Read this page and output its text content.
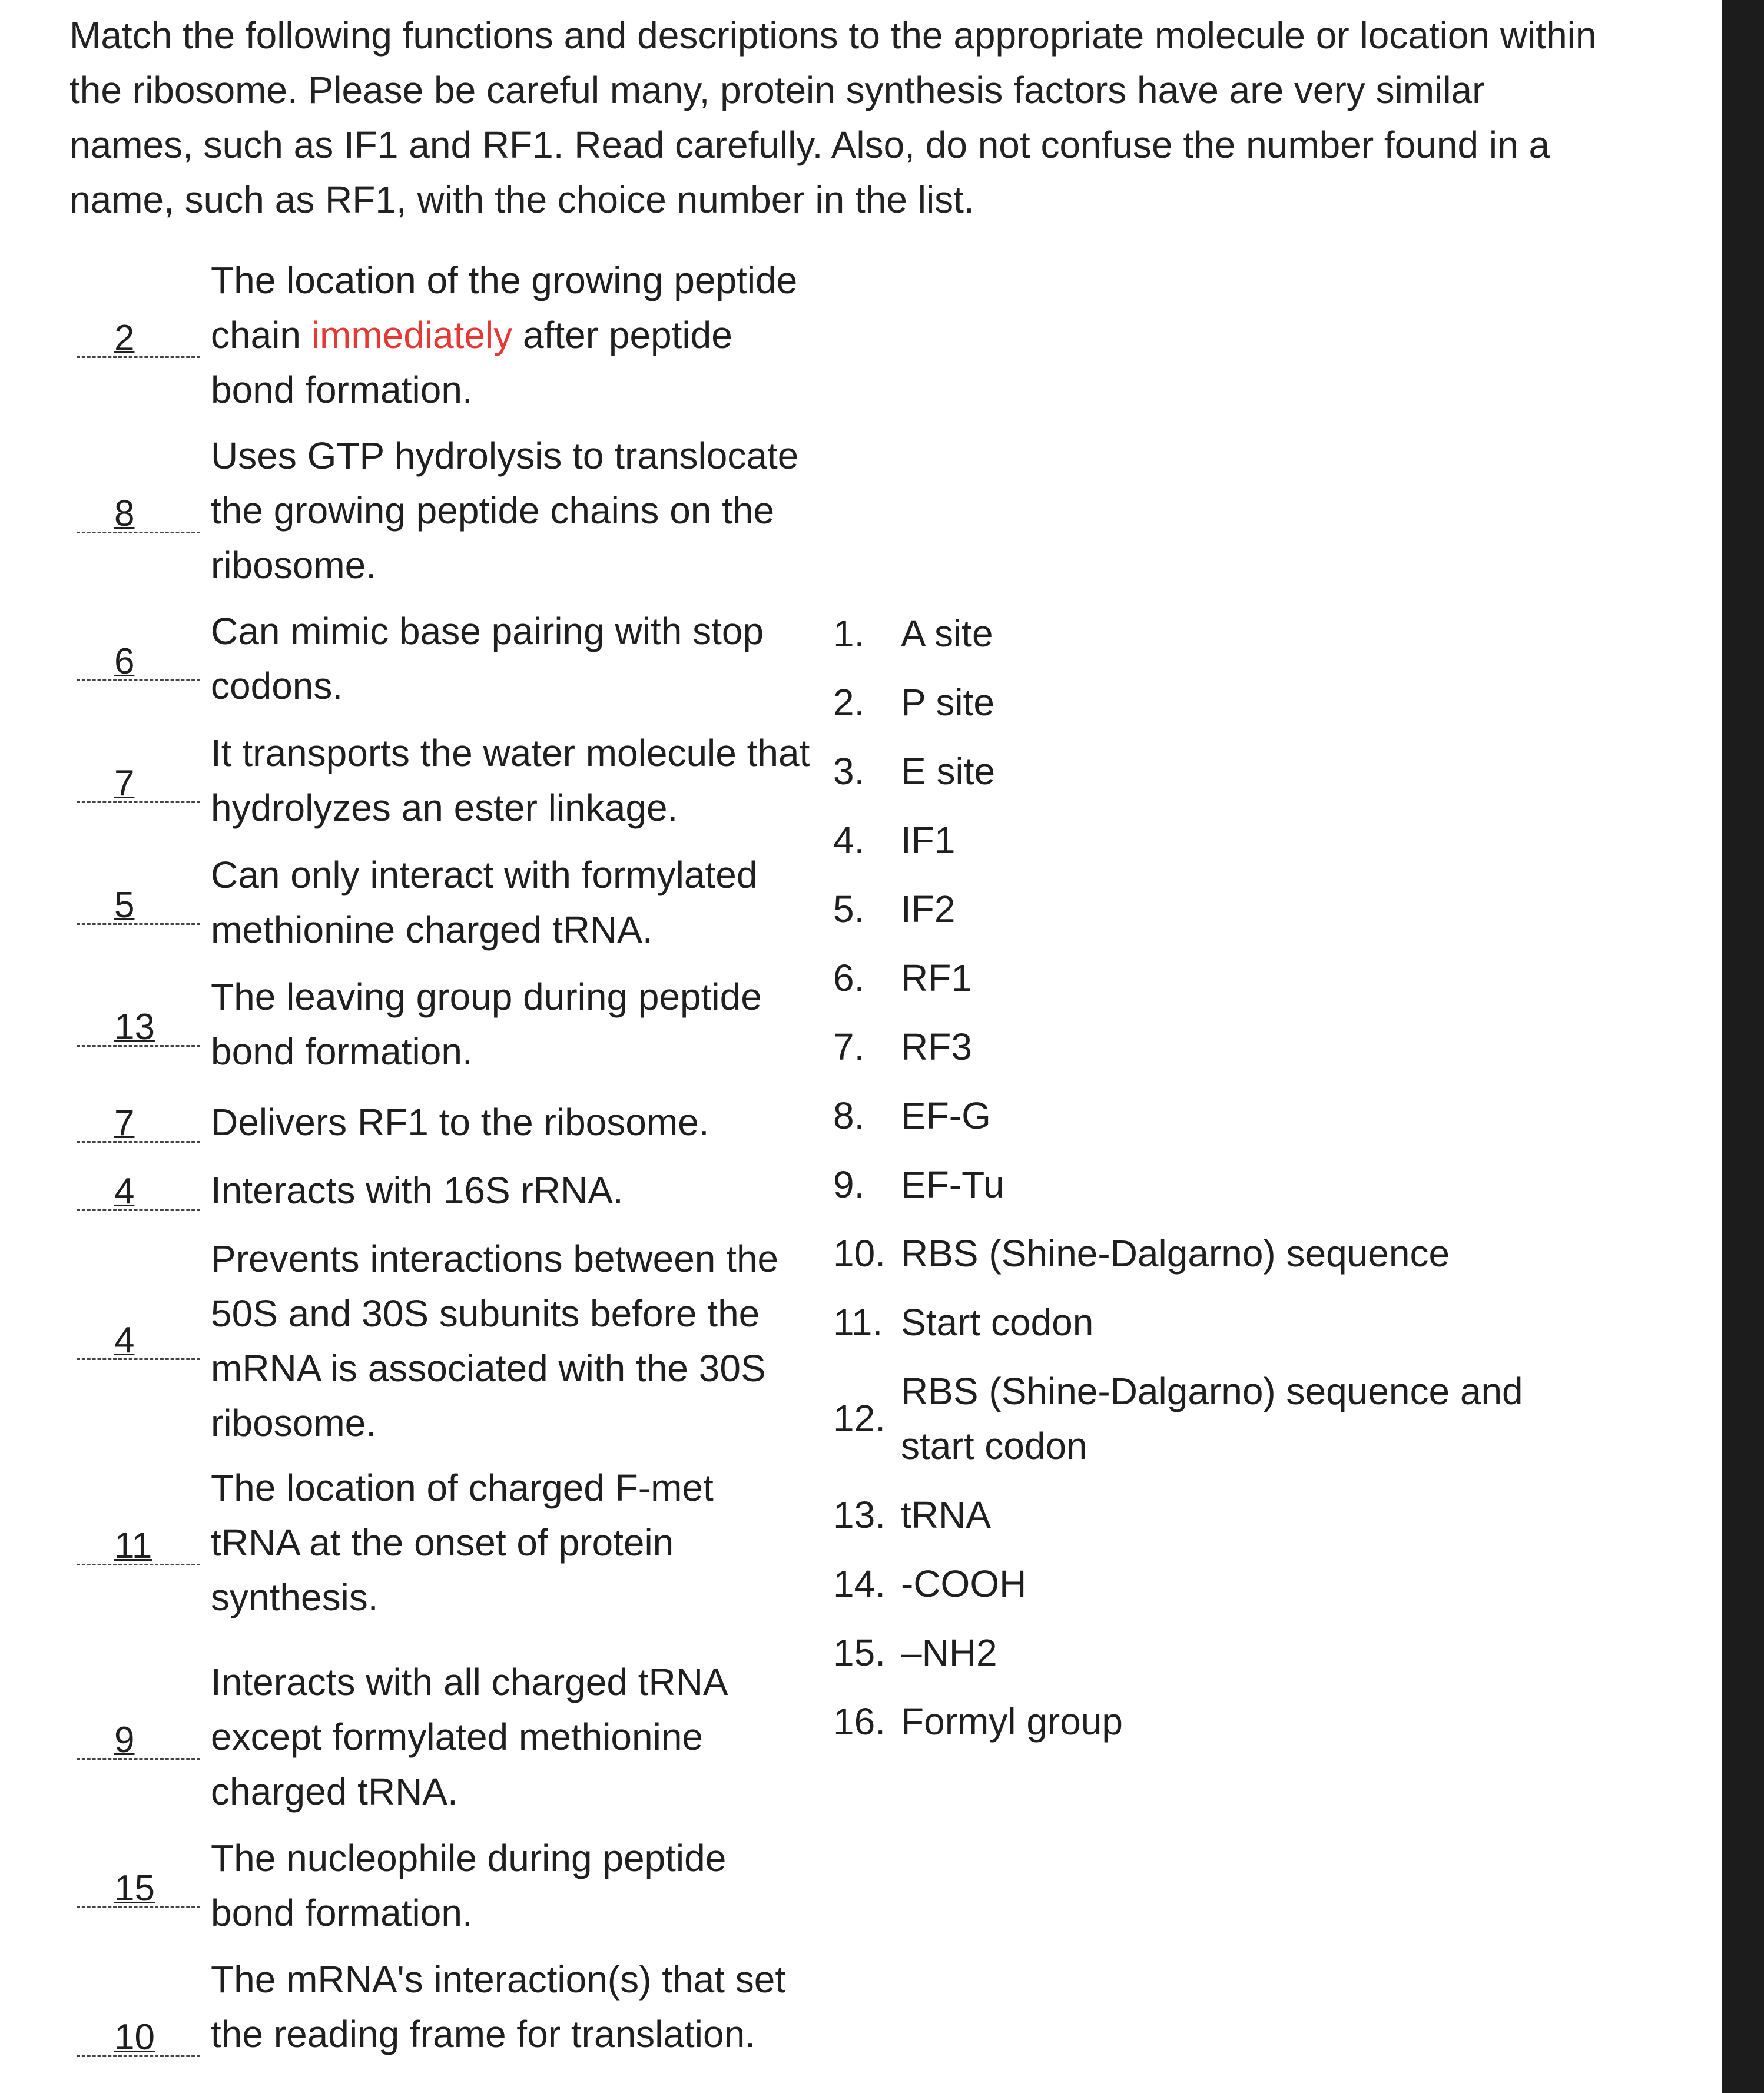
Match the following functions and descriptions to the appropriate molecule or location within the ribosome. Please be careful many, protein synthesis factors have are very similar names, such as IF1 and RF1. Read carefully. Also, do not confuse the number found in a name, such as RF1, with the choice number in the list.

2
The location of the growing peptide chain immediately after peptide bond formation.
8
Uses GTP hydrolysis to translocate the growing peptide chains on the ribosome.
6
Can mimic base pairing with stop codons.
7
It transports the water molecule that hydrolyzes an ester linkage.
5
Can only interact with formylated methionine charged tRNA.
13
The leaving group during peptide bond formation.
7	Delivers RF1 to the ribosome.
4	Interacts with 16S rRNA.
4
Prevents interactions between the 50S and 30S subunits before the mRNA is associated with the 30S ribosome.
11
The location of charged F-met tRNA at the onset of protein synthesis.
9
Interacts with all charged tRNA except formylated methionine charged tRNA.
15
The nucleophile during peptide bond formation.
10
The mRNA's interaction(s) that set the reading frame for translation.
1. A site
2. P site
3. E site
4. IF1
5. IF2
6. RF1
7. RF3
8. EF-G
9. EF-Tu
10. RBS (Shine-Dalgarno) sequence
11. Start codon
12.
RBS (Shine-Dalgarno) sequence and start codon
13. tRNA
14. -COOH
15. –NH2
16. Formyl group
